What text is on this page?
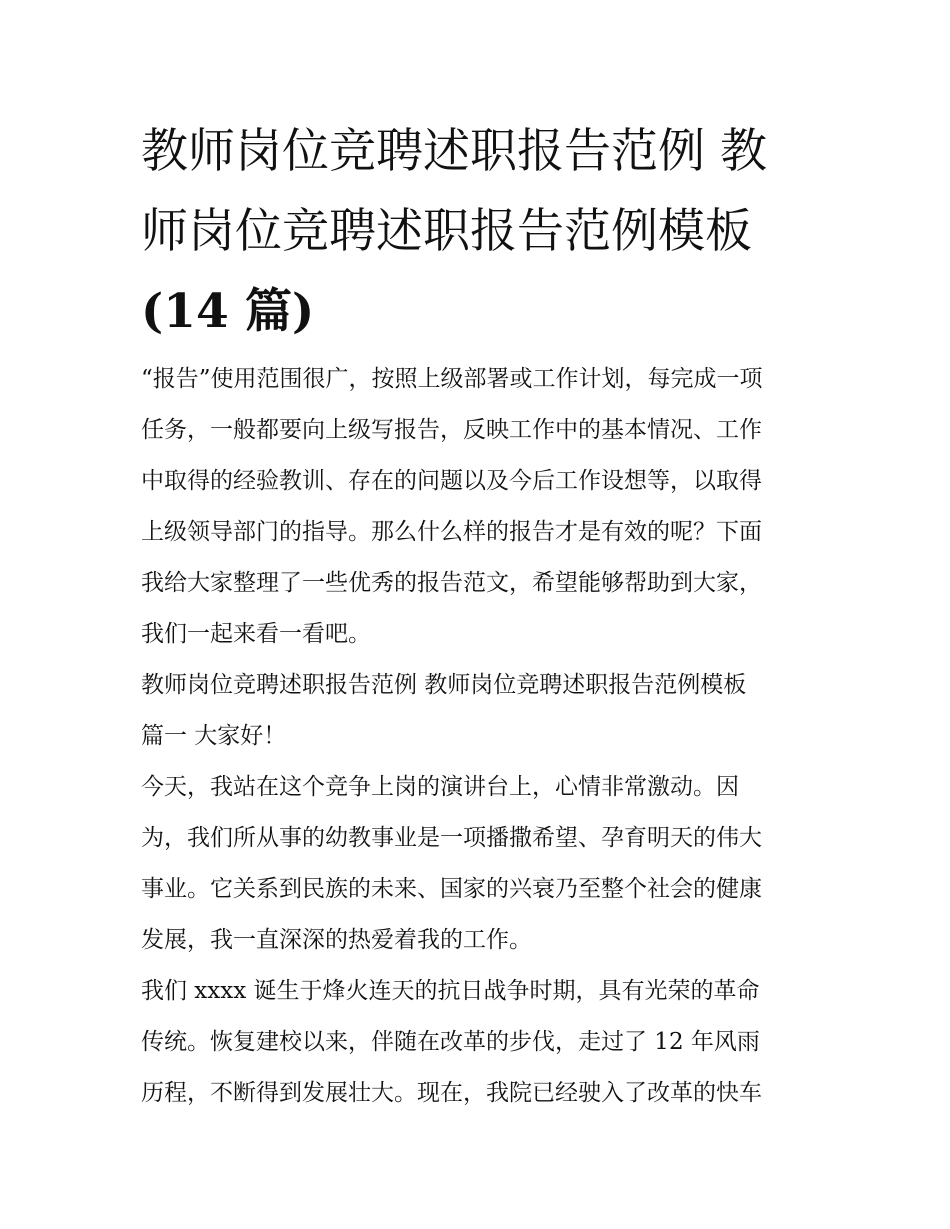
教师岗位竞聘述职报告范例 教
师岗位竞聘述职报告范例模板
(14 篇)
“报告”使用范围很广，按照上级部署或工作计划，每完成一项
任务，一般都要向上级写报告，反映工作中的基本情况、工作
中取得的经验教训、存在的问题以及今后工作设想等，以取得
上级领导部门的指导。那么什么样的报告才是有效的呢？下面
我给大家整理了一些优秀的报告范文，希望能够帮助到大家，
我们一起来看一看吧。
教师岗位竞聘述职报告范例 教师岗位竞聘述职报告范例模板
篇一 大家好！
今天，我站在这个竞争上岗的演讲台上，心情非常激动。因
为，我们所从事的幼教事业是一项播撒希望、孕育明天的伟大
事业。它关系到民族的未来、国家的兴衰乃至整个社会的健康
发展，我一直深深的热爱着我的工作。
我们 xxxx 诞生于烽火连天的抗日战争时期，具有光荣的革命
传统。恢复建校以来，伴随在改革的步伐，走过了 12 年风雨
历程，不断得到发展壮大。现在，我院已经驶入了改革的快车
